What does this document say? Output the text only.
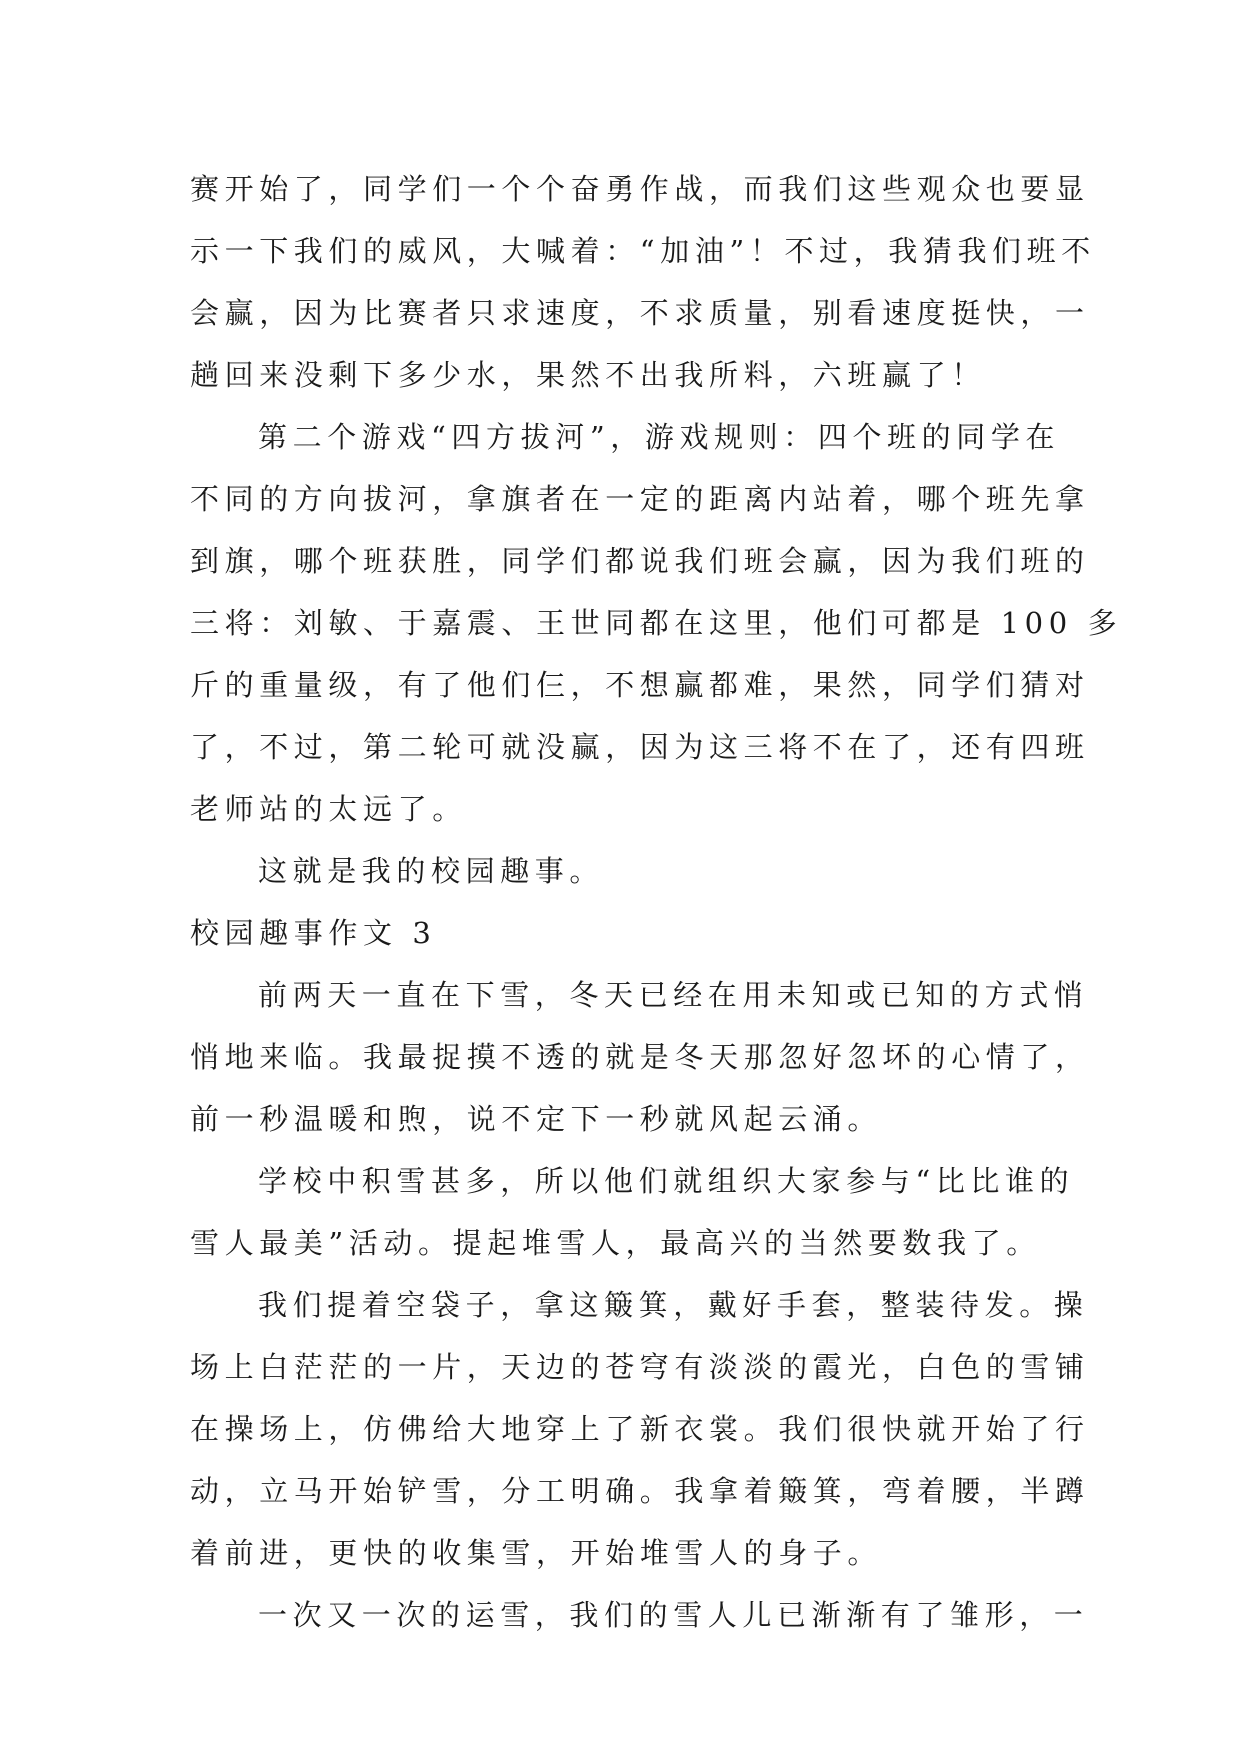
赛开始了，同学们一个个奋勇作战，而我们这些观众也要显
示一下我们的威风，大喊着：“加油”！不过，我猜我们班不
会赢，因为比赛者只求速度，不求质量，别看速度挺快，一
趟回来没剩下多少水，果然不出我所料，六班赢了！
第二个游戏“四方拔河”，游戏规则：四个班的同学在
不同的方向拔河，拿旗者在一定的距离内站着，哪个班先拿
到旗，哪个班获胜，同学们都说我们班会赢，因为我们班的
三将：刘敏、于嘉震、王世同都在这里，他们可都是 100 多
斤的重量级，有了他们仨，不想赢都难，果然，同学们猜对
了，不过，第二轮可就没赢，因为这三将不在了，还有四班
老师站的太远了。
这就是我的校园趣事。
校园趣事作文 3
前两天一直在下雪，冬天已经在用未知或已知的方式悄
悄地来临。我最捉摸不透的就是冬天那忽好忽坏的心情了，
前一秒温暖和煦，说不定下一秒就风起云涌。
学校中积雪甚多，所以他们就组织大家参与“比比谁的
雪人最美”活动。提起堆雪人，最高兴的当然要数我了。
我们提着空袋子，拿这簸箕，戴好手套，整装待发。操
场上白茫茫的一片，天边的苍穹有淡淡的霞光，白色的雪铺
在操场上，仿佛给大地穿上了新衣裳。我们很快就开始了行
动，立马开始铲雪，分工明确。我拿着簸箕，弯着腰，半蹲
着前进，更快的收集雪，开始堆雪人的身子。
一次又一次的运雪，我们的雪人儿已渐渐有了雏形，一
